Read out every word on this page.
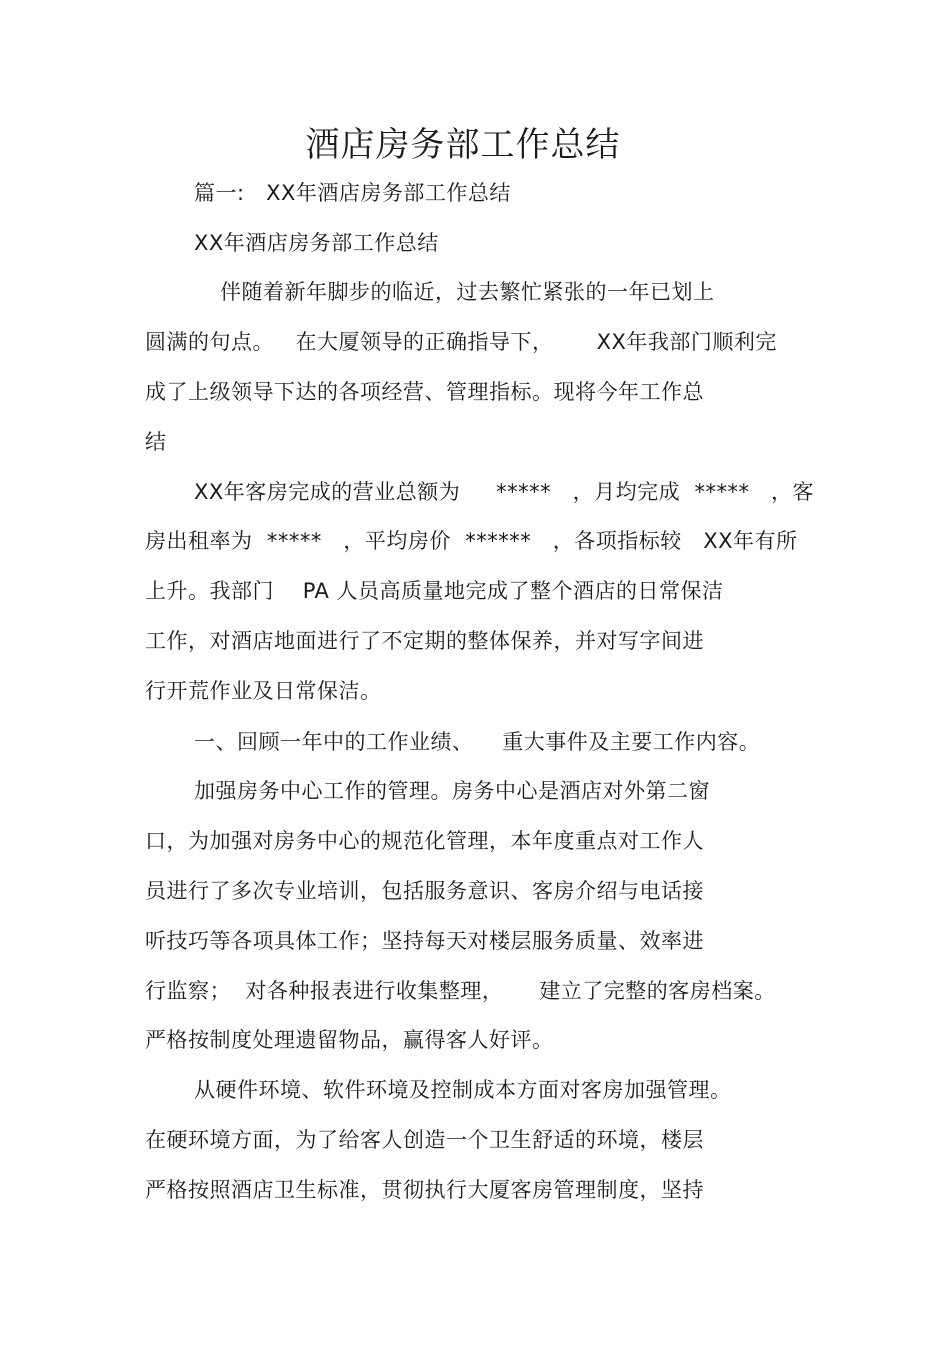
酒店房务部工作总结
篇一:   XX年酒店房务部工作总结
XX年酒店房务部工作总结
伴随着新年脚步的临近，过去繁忙紧张的一年已划上
圆满的句点。   在大厦领导的正确指导下，      XX年我部门顺利完
成了上级领导下达的各项经营、管理指标。现将今年工作总
结
XX年客房完成的营业总额为     *****   ，月均完成  *****   ，客
房出租率为  *****   ，平均房价  ******   ，各项指标较   XX年有所
上升。我部门    PA 人员高质量地完成了整个酒店的日常保洁
工作，对酒店地面进行了不定期的整体保养，并对写字间进
行开荒作业及日常保洁。
一、回顾一年中的工作业绩、    重大事件及主要工作内容。
加强房务中心工作的管理。房务中心是酒店对外第二窗
口，为加强对房务中心的规范化管理，本年度重点对工作人
员进行了多次专业培训，包括服务意识、客房介绍与电话接
听技巧等各项具体工作；坚持每天对楼层服务质量、效率进
行监察；  对各种报表进行收集整理，     建立了完整的客房档案。
严格按制度处理遗留物品，赢得客人好评。
从硬件环境、软件环境及控制成本方面对客房加强管理。
在硬环境方面，为了给客人创造一个卫生舒适的环境，楼层
严格按照酒店卫生标准，贯彻执行大厦客房管理制度，坚持
